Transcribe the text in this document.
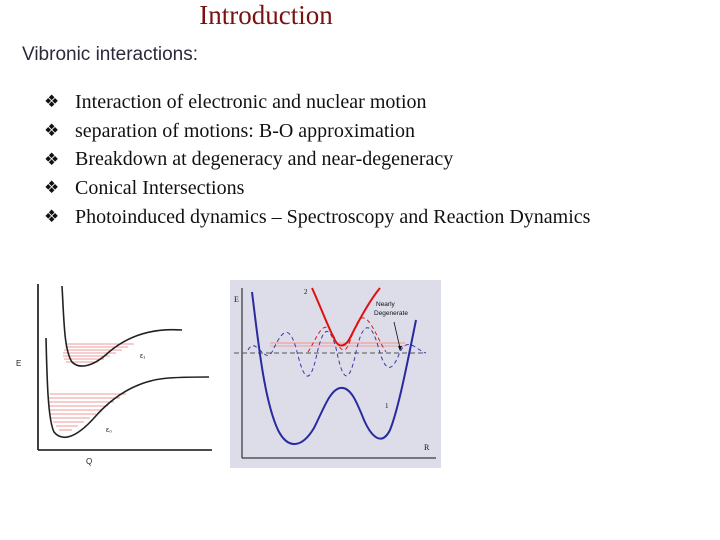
Introduction
Vibronic interactions:
❖ Interaction of electronic and nuclear motion
❖ separation of motions: B-O approximation
❖ Breakdown at degeneracy and near-degeneracy
❖ Conical Intersections
❖ Photoinduced dynamics – Spectroscopy and Reaction Dynamics
E
Q
ε₁
ε₀
E
R
2
1
Nearly
Degenerate
